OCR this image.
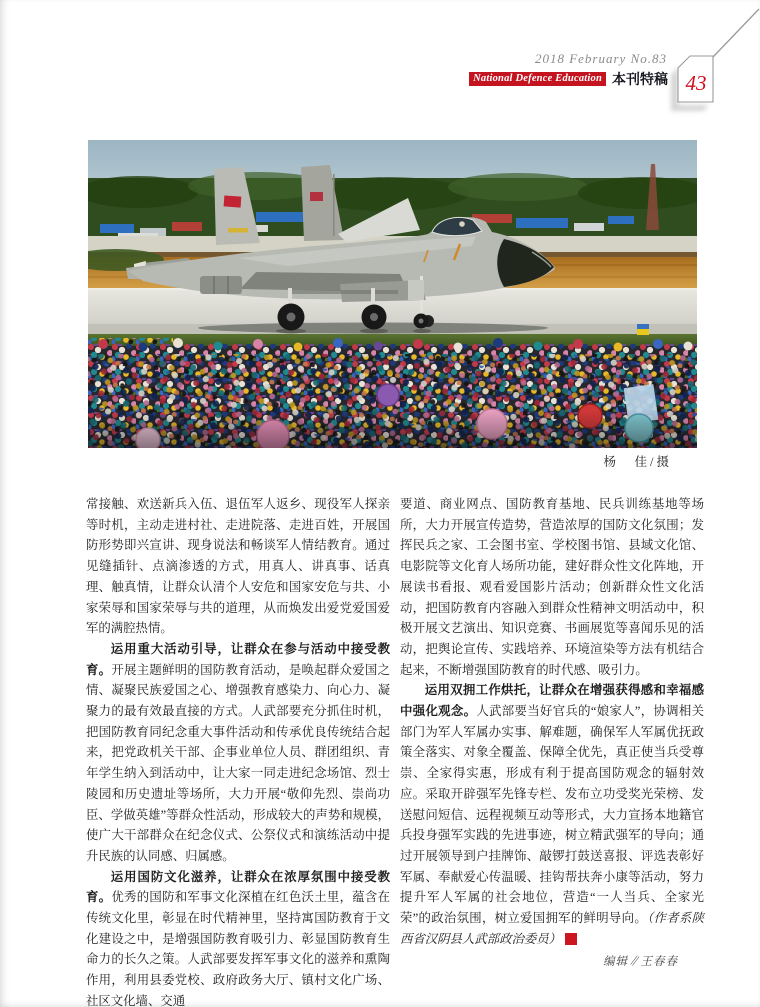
2018 February No.83
National Defence Education 本刊特稿 43
杨　佳/摄

常接触、欢送新兵入伍、退伍军人返乡、现役军人探亲等时机，主动走进村社、走进院落、走进百姓，开展国防形势即兴宣讲、现身说法和畅谈军人情结教育。通过见缝插针、点滴渗透的方式，用真人、讲真事、话真理、触真情，让群众认清个人安危和国家安危与共、小家荣辱和国家荣辱与共的道理，从而焕发出爱党爱国爱军的满腔热情。

运用重大活动引导，让群众在参与活动中接受教育。开展主题鲜明的国防教育活动，是唤起群众爱国之情、凝聚民族爱国之心、增强教育感染力、向心力、凝聚力的最有效最直接的方式。人武部要充分抓住时机，把国防教育同纪念重大事件活动和传承优良传统结合起来，把党政机关干部、企事业单位人员、群团组织、青年学生纳入到活动中，让大家一同走进纪念场馆、烈士陵园和历史遗址等场所，大力开展“敬仰先烈、崇尚功臣、学做英雄”等群众性活动，形成较大的声势和规模，使广大干部群众在纪念仪式、公祭仪式和演练活动中提升民族的认同感、归属感。

运用国防文化滋养，让群众在浓厚氛围中接受教育。优秀的国防和军事文化深植在红色沃土里，蕴含在传统文化里，彰显在时代精神里，坚持寓国防教育于文化建设之中，是增强国防教育吸引力、彰显国防教育生命力的长久之策。人武部要发挥军事文化的滋养和熏陶作用，利用县委党校、政府政务大厅、镇村文化广场、社区文化墙、交通

要道、商业网点、国防教育基地、民兵训练基地等场所，大力开展宣传造势，营造浓厚的国防文化氛围；发挥民兵之家、工会图书室、学校图书馆、县域文化馆、电影院等文化育人场所功能，建好群众性文化阵地，开展读书看报、观看爱国影片活动；创新群众性文化活动，把国防教育内容融入到群众性精神文明活动中，积极开展文艺演出、知识竞赛、书画展览等喜闻乐见的活动，把舆论宣传、实践培养、环境渲染等方法有机结合起来，不断增强国防教育的时代感、吸引力。

运用双拥工作烘托，让群众在增强获得感和幸福感中强化观念。人武部要当好官兵的“娘家人”，协调相关部门为军人军属办实事、解难题，确保军人军属优抚政策全落实、对象全覆盖、保障全优先，真正使当兵受尊崇、全家得实惠，形成有利于提高国防观念的辐射效应。采取开辟强军先锋专栏、发布立功受奖光荣榜、发送慰问短信、远程视频互动等形式，大力宣扬本地籍官兵投身强军实践的先进事迹，树立精武强军的导向；通过开展领导到户挂牌饰、敲锣打鼓送喜报、评选表彰好军属、奉献爱心传温暖、挂钩帮扶奔小康等活动，努力提升军人军属的社会地位，营造“一人当兵、全家光荣”的政治氛围，树立爱国拥军的鲜明导向。（作者系陕西省汉阴县人武部政治委员）	G

编辑∥王春春
